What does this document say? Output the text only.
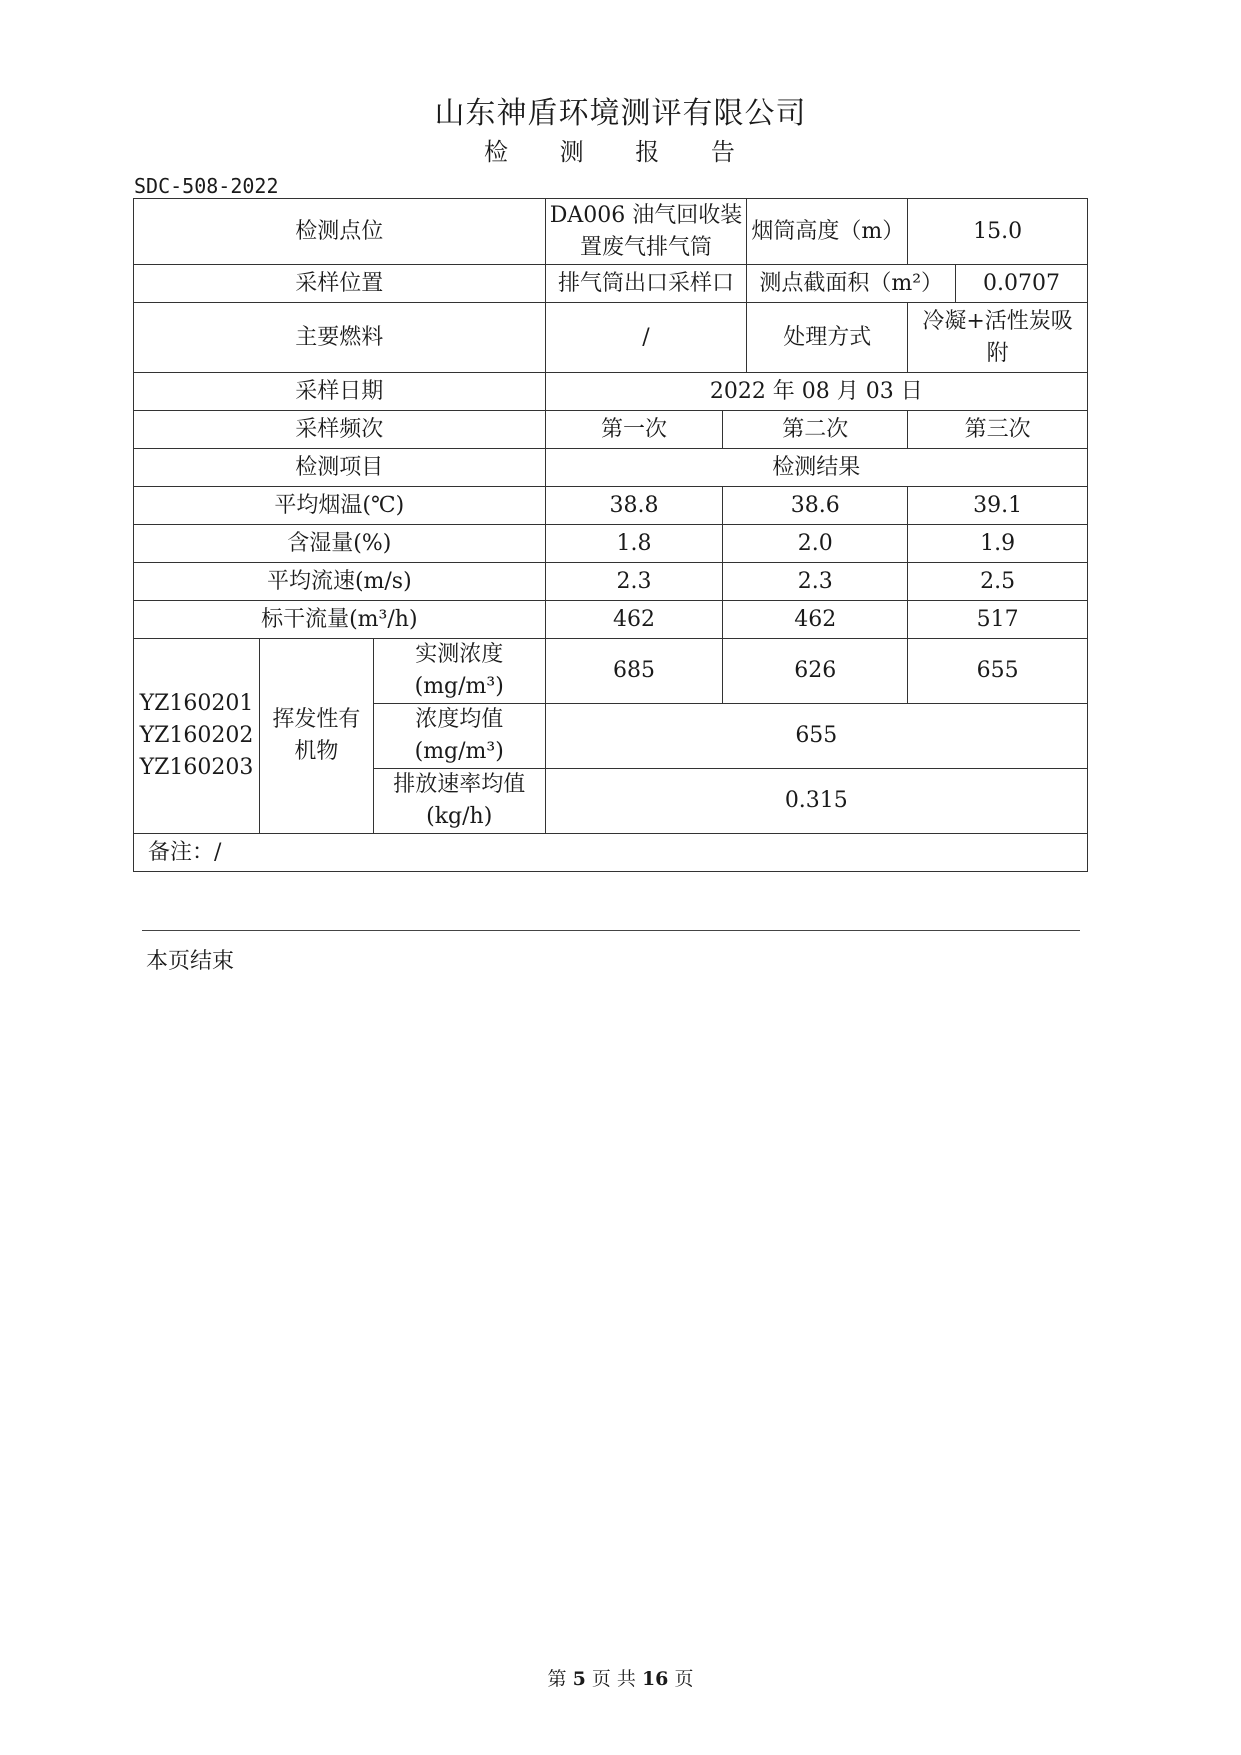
山东神盾环境测评有限公司
检 测 报 告
SDC-508-2022
检测点位			DA006 油气回收装置废气排气筒		烟筒高度（m）	15.0	
采样位置			排气筒出口采样口		测点截面积（m²）		0.0707
主要燃料			/		处理方式	冷凝+活性炭吸附	
采样日期			2022 年 08 月 03 日				
采样频次			第一次	第二次		第三次	
检测项目			检测结果				
平均烟温(℃)			38.8	38.6		39.1	
含湿量(%)			1.8	2.0		1.9	
平均流速(m/s)			2.3	2.3		2.5	
标干流量(m³/h)			462	462		517	

YZ160201
YZ160202
YZ160203	挥发性有机物	实测浓度(mg/m³)	685	626		655	
		浓度均值(mg/m³)	655				
		排放速率均值(kg/h)	0.315				
备注：/							
本页结束
第 5 页 共 16 页
